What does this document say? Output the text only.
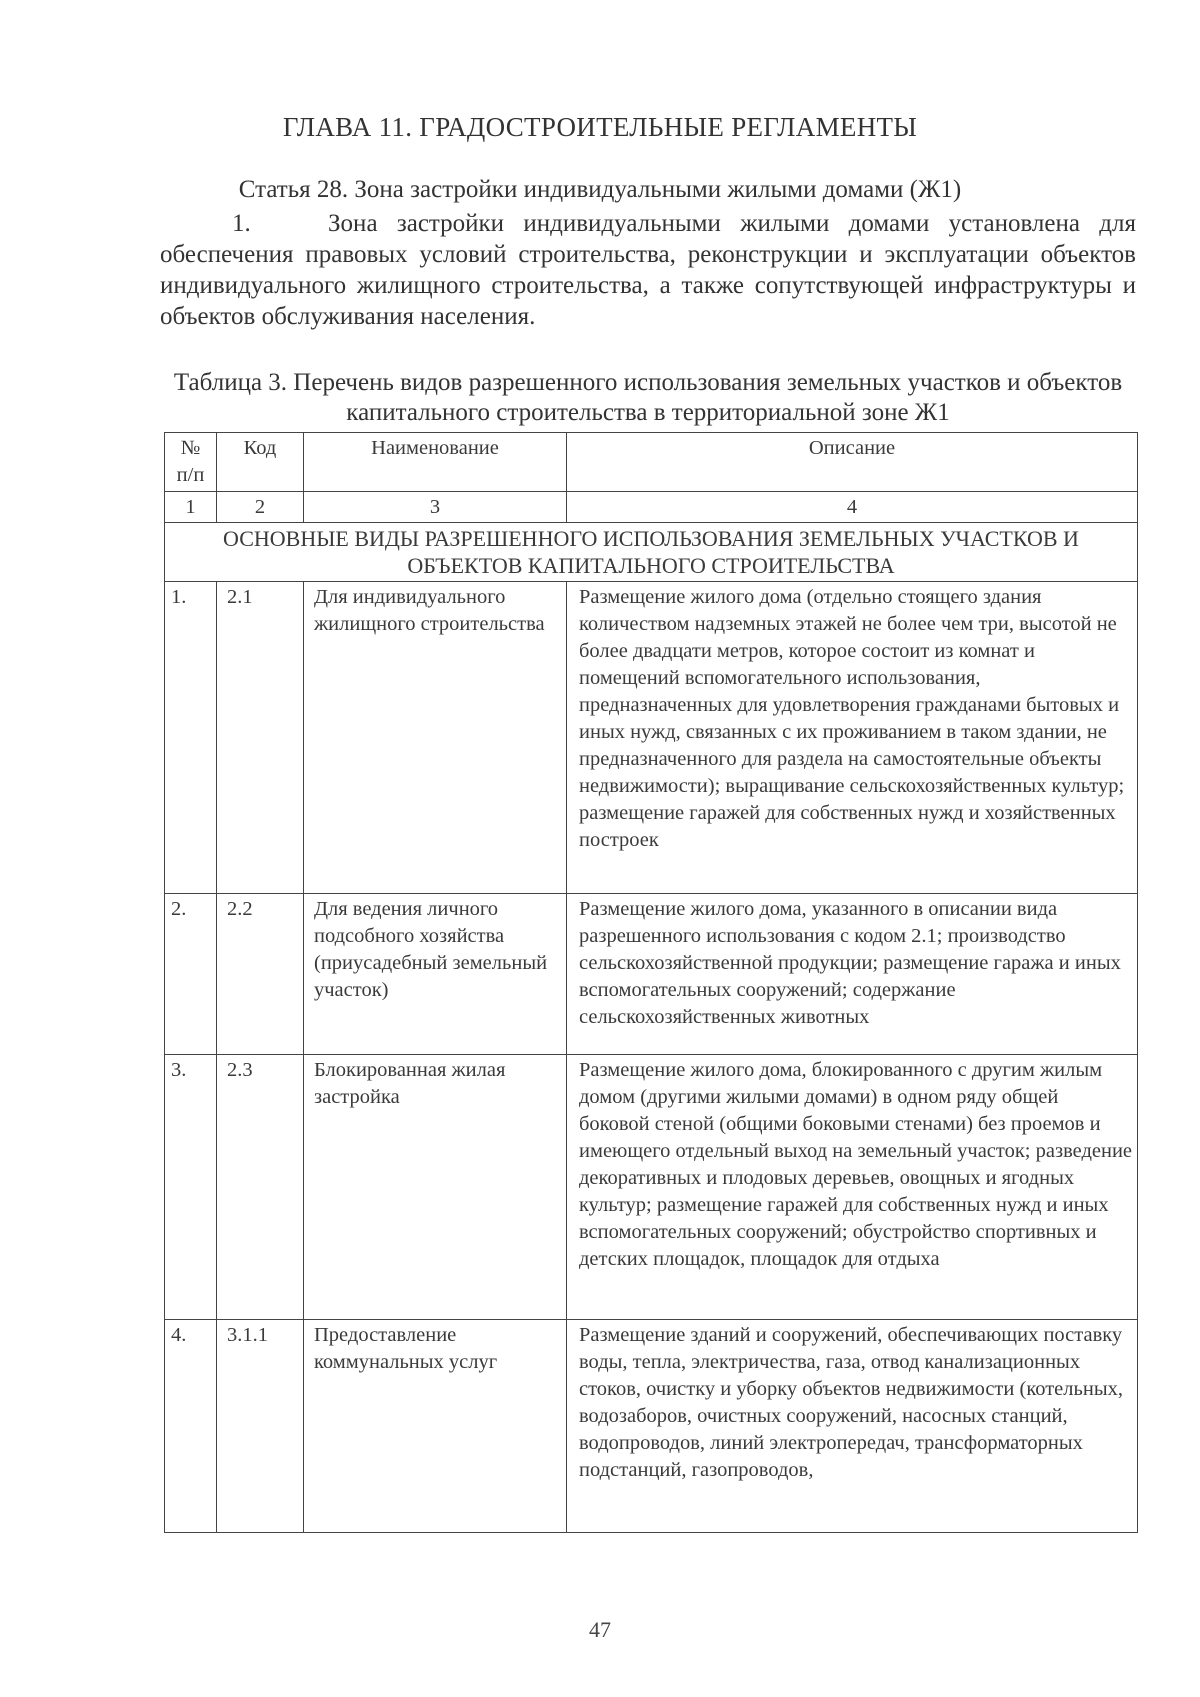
ГЛАВА 11. ГРАДОСТРОИТЕЛЬНЫЕ РЕГЛАМЕНТЫ
Статья 28. Зона застройки индивидуальными жилыми домами (Ж1)
1.    Зона застройки индивидуальными жилыми домами установлена для обеспечения правовых условий строительства, реконструкции и эксплуатации объектов индивидуального жилищного строительства, а также сопутствующей инфраструктуры и объектов обслуживания населения.
Таблица 3. Перечень видов разрешенного использования земельных участков и объектов капитального строительства в территориальной зоне Ж1
№ п/п	Код	Наименование	Описание
1	2	3	4
ОСНОВНЫЕ ВИДЫ РАЗРЕШЕННОГО ИСПОЛЬЗОВАНИЯ ЗЕМЕЛЬНЫХ УЧАСТКОВ И ОБЪЕКТОВ КАПИТАЛЬНОГО СТРОИТЕЛЬСТВА			
1.	2.1	Для индивидуального жилищного строительства	Размещение жилого дома (отдельно стоящего здания количеством надземных этажей не более чем три, высотой не более двадцати метров, которое состоит из комнат и помещений вспомогательного использования, предназначенных для удовлетворения гражданами бытовых и иных нужд, связанных с их проживанием в таком здании, не предназначенного для раздела на самостоятельные объекты недвижимости); выращивание сельскохозяйственных культур; размещение гаражей для собственных нужд и хозяйственных построек
2.	2.2	Для ведения личного подсобного хозяйства (приусадебный земельный участок)	Размещение жилого дома, указанного в описании вида разрешенного использования с кодом 2.1; производство сельскохозяйственной продукции; размещение гаража и иных вспомогательных сооружений; содержание сельскохозяйственных животных
3.	2.3	Блокированная жилая застройка	Размещение жилого дома, блокированного с другим жилым домом (другими жилыми домами) в одном ряду общей боковой стеной (общими боковыми стенами) без проемов и имеющего отдельный выход на земельный участок; разведение декоративных и плодовых деревьев, овощных и ягодных культур; размещение гаражей для собственных нужд и иных вспомогательных сооружений; обустройство спортивных и детских площадок, площадок для отдыха
4.	3.1.1	Предоставление коммунальных услуг	Размещение зданий и сооружений, обеспечивающих поставку воды, тепла, электричества, газа, отвод канализационных стоков, очистку и уборку объектов недвижимости (котельных, водозаборов, очистных сооружений, насосных станций, водопроводов, линий электропередач, трансформаторных подстанций, газопроводов,
47
